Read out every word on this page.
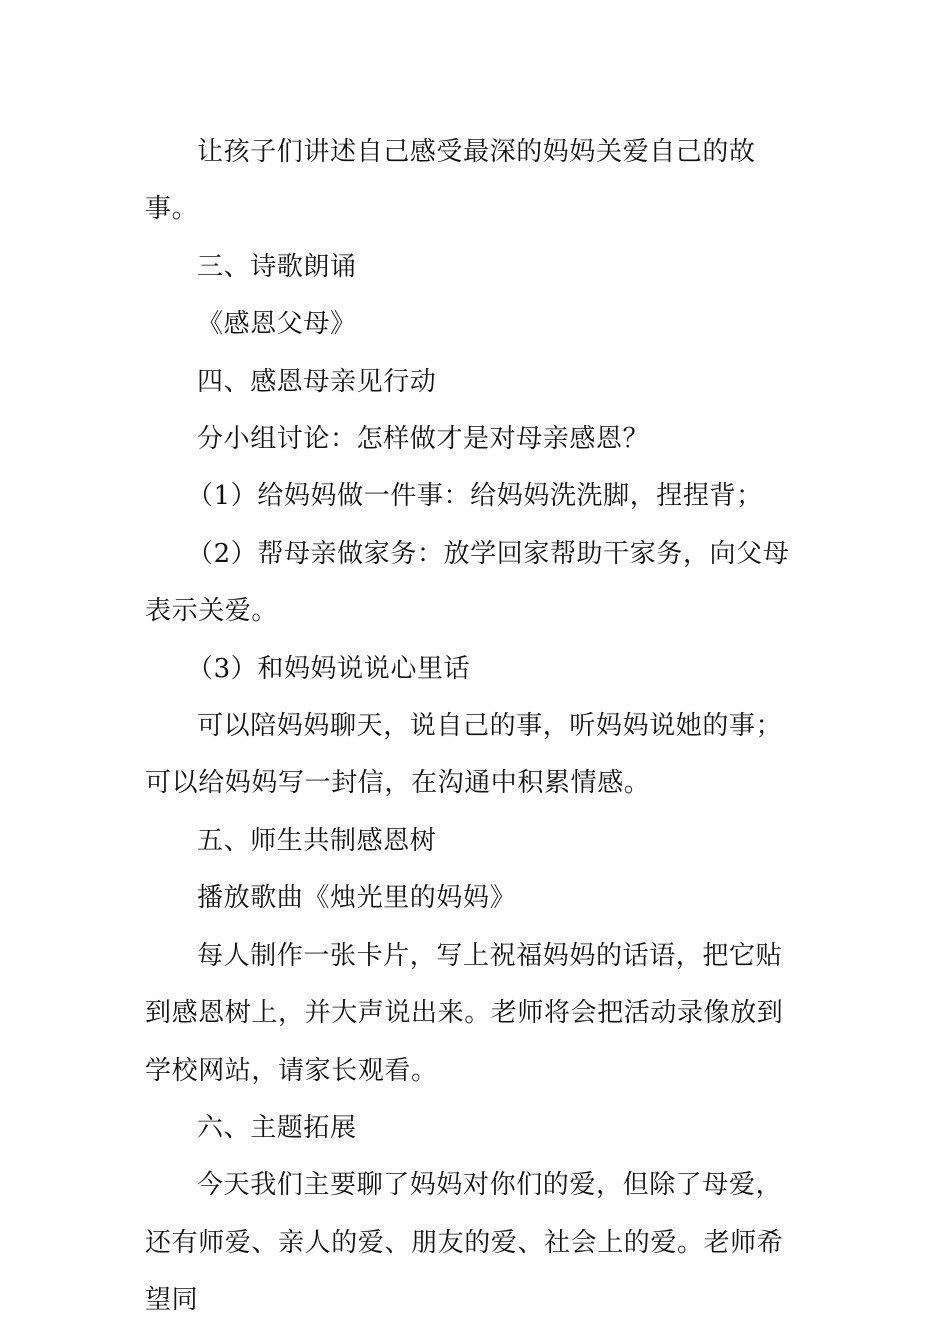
让孩子们讲述自己感受最深的妈妈关爱自己的故事。

三、诗歌朗诵

《感恩父母》

四、感恩母亲见行动

分小组讨论：怎样做才是对母亲感恩？

（1）给妈妈做一件事：给妈妈洗洗脚，捏捏背；

（2）帮母亲做家务：放学回家帮助干家务，向父母表示关爱。

（3）和妈妈说说心里话

可以陪妈妈聊天，说自己的事，听妈妈说她的事；可以给妈妈写一封信，在沟通中积累情感。

五、师生共制感恩树

播放歌曲《烛光里的妈妈》

每人制作一张卡片，写上祝福妈妈的话语，把它贴到感恩树上，并大声说出来。老师将会把活动录像放到学校网站，请家长观看。

六、主题拓展

今天我们主要聊了妈妈对你们的爱，但除了母爱，还有师爱、亲人的爱、朋友的爱、社会上的爱。老师希望同
